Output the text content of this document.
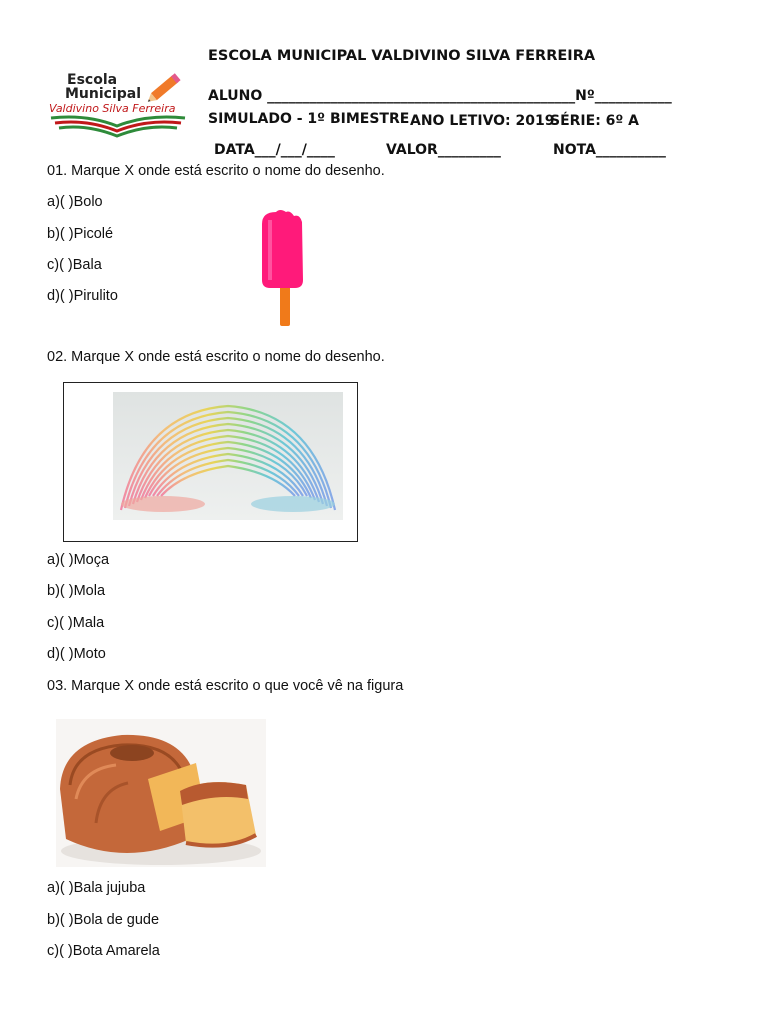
ESCOLA MUNICIPAL VALDIVINO SILVA FERREIRA
Escola
Municipal
Valdivino Silva Ferreira
ALUNO ____________________________________________Nº___________
SIMULADO - 1º BIMESTRE ANO LETIVO: 2019
SÉRIE: 6º A
DATA___/___/____	VALOR_________	NOTA__________
01. Marque X onde está escrito o nome do desenho.
a)( )Bolo
b)( )Picolé
c)( )Bala
d)( )Pirulito
02. Marque X onde está escrito o nome do desenho.
a)( )Moça
b)( )Mola
c)( )Mala
d)( )Moto
03. Marque X onde está escrito o que você vê na figura
a)( )Bala jujuba
b)( )Bola de gude
c)( )Bota Amarela
